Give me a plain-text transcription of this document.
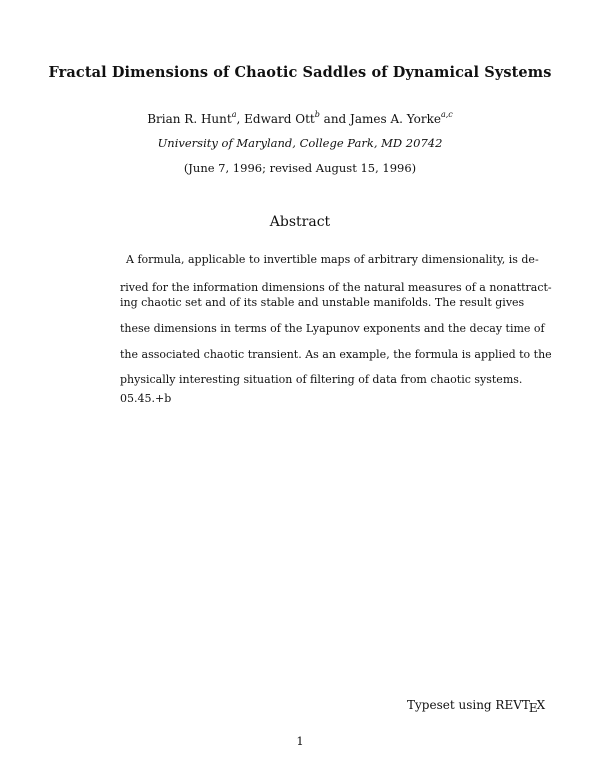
Fractal Dimensions of Chaotic Saddles of Dynamical Systems
Brian R. Hunt$^a$, Edward Ott$^b$ and James A. Yorke$^{a,c}$
University of Maryland, College Park, MD 20742
(June 7, 1996; revised August 15, 1996)
Abstract
A formula, applicable to invertible maps of arbitrary dimensionality, is de-
rived for the information dimensions of the natural measures of a nonattract-
ing chaotic set and of its stable and unstable manifolds. The result gives
these dimensions in terms of the Lyapunov exponents and the decay time of
the associated chaotic transient. As an example, the formula is applied to the
physically interesting situation of filtering of data from chaotic systems.
05.45.+b
Typeset using REVTEX
1
